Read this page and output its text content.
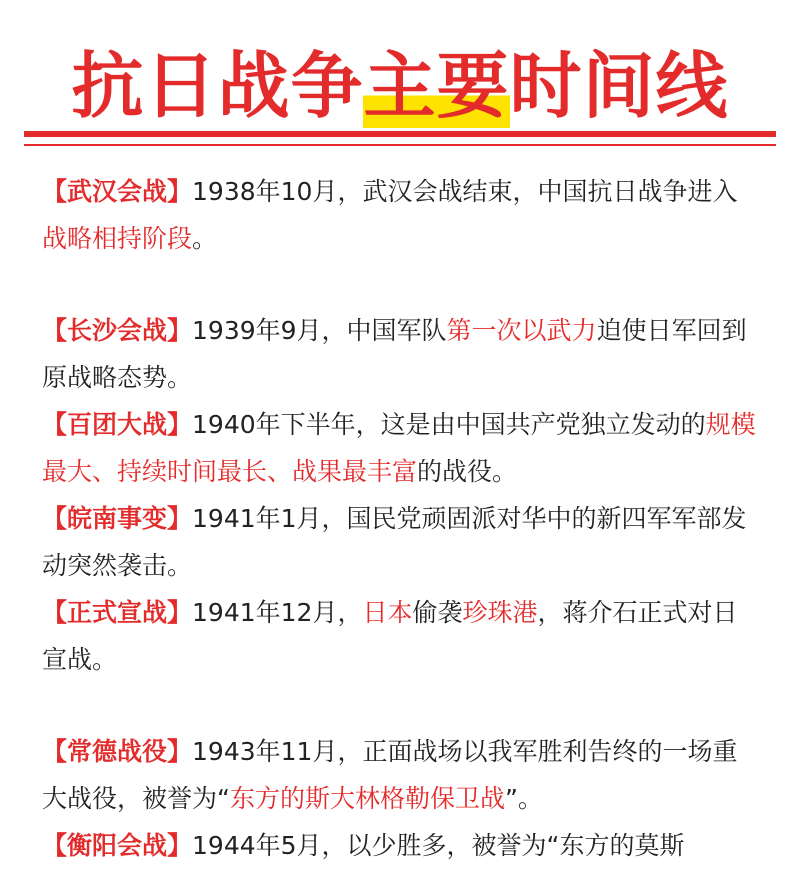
抗日战争主要时间线

【武汉会战】1938年10月，武汉会战结束，中国抗日战争进入战略相持阶段。

【长沙会战】1939年9月，中国军队第一次以武力迫使日军回到原战略态势。

【百团大战】1940年下半年，这是由中国共产党独立发动的规模最大、持续时间最长、战果最丰富的战役。

【皖南事变】1941年1月，国民党顽固派对华中的新四军军部发动突然袭击。

【正式宣战】1941年12月，日本偷袭珍珠港，蒋介石正式对日宣战。

【常德战役】1943年11月，正面战场以我军胜利告终的一场重大战役，被誉为“东方的斯大林格勒保卫战”。

【衡阳会战】1944年5月，以少胜多，被誉为“东方的莫斯
